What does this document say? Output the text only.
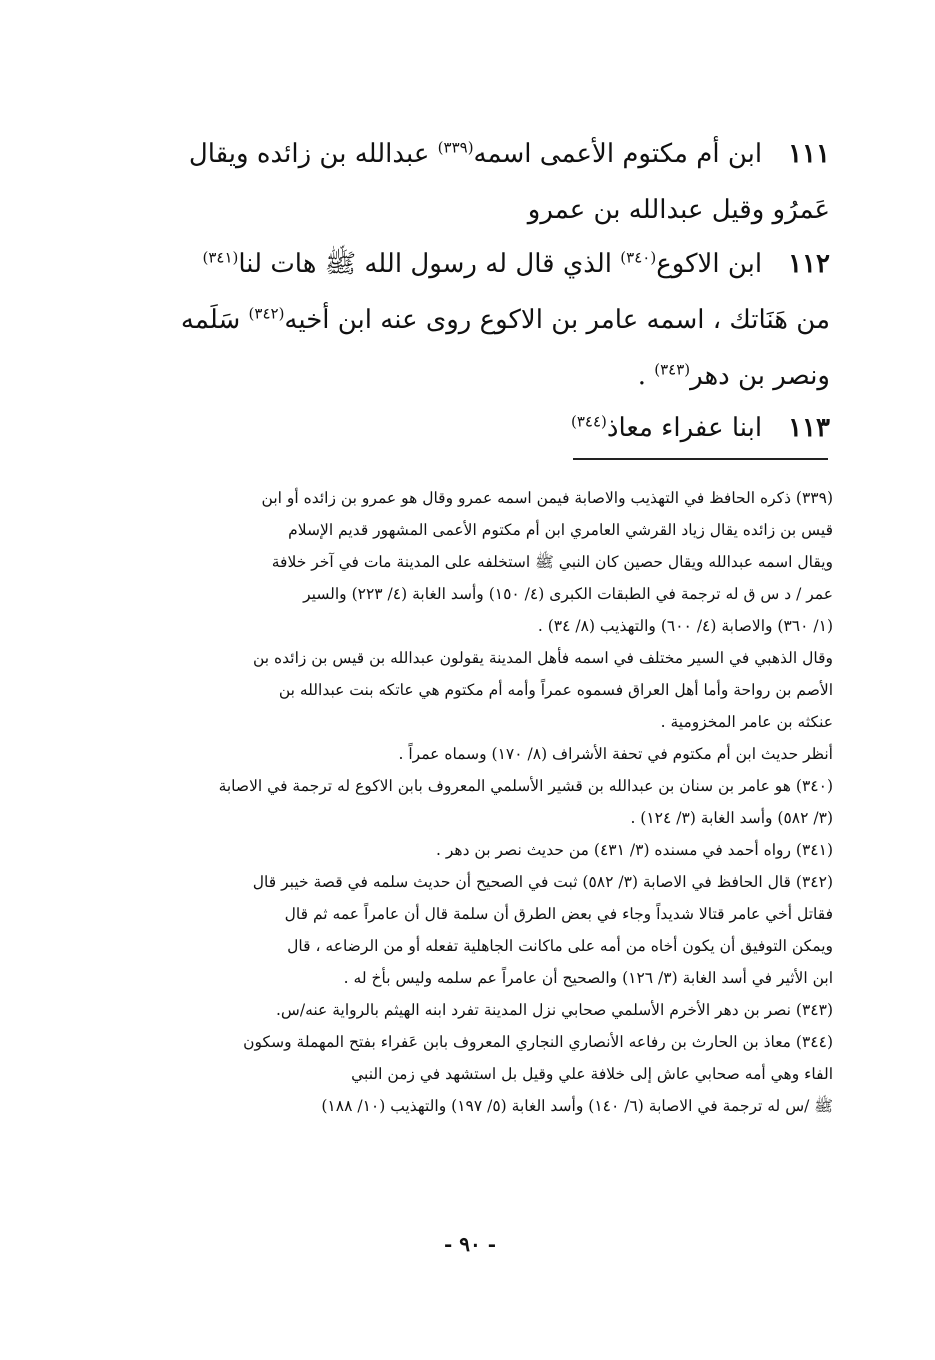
١١١ابن أم مكتوم الأعمى اسمه$^{(٣٣٩)}$ عبدالله بن زائده ويقال
عَمرُو وقيل عبدالله بن عمرو
١١٢ابن الاكوع$^{(٣٤٠)}$ الذي قال له رسول الله ﷺ هات لنا$^{(٣٤١)}$
من هَنَاتك ، اسمه عامر بن الاكوع روى عنه ابن أخيه$^{(٣٤٢)}$ سَلَمه
ونصر بن دهر$^{(٣٤٣)}$ .
١١٣ابنا عفراء معاذ$^{(٣٤٤)}$
(٣٣٩) ذكره الحافظ في التهذيب والاصابة فيمن اسمه عمرو وقال هو عمرو بن زائده أو ابن
قيس بن زائده يقال زياد القرشي العامري ابن أم مكتوم الأعمى المشهور قديم الإسلام
ويقال اسمه عبدالله ويقال حصين كان النبي ﷺ استخلفه على المدينة مات في آخر خلافة
عمر / د س ق له ترجمة في الطبقات الكبرى (٤/ ١٥٠) وأسد الغابة (٤/ ٢٢٣) والسير
(١/ ٣٦٠) والاصابة (٤/ ٦٠٠) والتهذيب (٨/ ٣٤) .
وقال الذهبي في السير مختلف في اسمه فأهل المدينة يقولون عبدالله بن قيس بن زائده بن
الأصم بن رواحة وأما أهل العراق فسموه عمراً وأمه أم مكتوم هي عاتكه بنت عبدالله بن
عنكثه بن عامر المخزومية .
أنظر حديث ابن أم مكتوم في تحفة الأشراف (٨/ ١٧٠) وسماه عمراً .
(٣٤٠) هو عامر بن سنان بن عبدالله بن قشير الأسلمي المعروف بابن الاكوع له ترجمة في الاصابة
(٣/ ٥٨٢) وأسد الغابة (٣/ ١٢٤) .
(٣٤١) رواه أحمد في مسنده (٣/ ٤٣١) من حديث نصر بن دهر .
(٣٤٢) قال الحافظ في الاصابة (٣/ ٥٨٢) ثبت في الصحيح أن حديث سلمه في قصة خيبر قال
فقاتل أخي عامر قتالا شديداً وجاء في بعض الطرق أن سلمة قال أن عامراً عمه ثم قال
ويمكن التوفيق أن يكون أخاه من أمه على ماكانت الجاهلية تفعله أو من الرضاعه ، قال
ابن الأثير في أسد الغابة (٣/ ١٢٦) والصحيح أن عامراً عم سلمه وليس بأخ له .
(٣٤٣) نصر بن دهر الأخرم الأسلمي صحابي نزل المدينة تفرد ابنه الهيثم بالرواية عنه/س.
(٣٤٤) معاذ بن الحارث بن رفاعه الأنصاري النجاري المعروف بابن عَفراء بفتح المهملة وسكون
الفاء وهي أمه صحابي عاش إلى خلافة علي وقيل بل استشهد في زمن النبي
ﷺ /س له ترجمة في الاصابة (٦/ ١٤٠) وأسد الغابة (٥/ ١٩٧) والتهذيب (١٠/ ١٨٨)
- ٩٠ -
